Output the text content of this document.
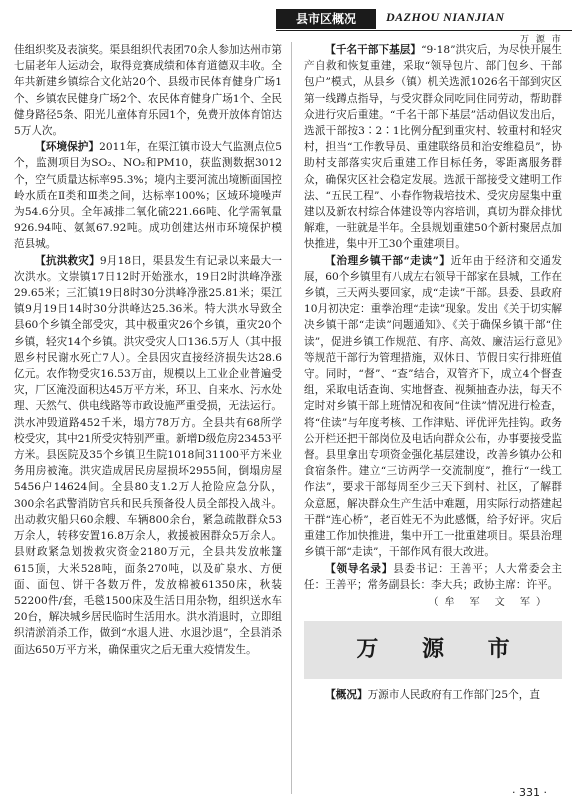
县市区概况	DAZHOU NIANJIAN
万 源 市

佳组织奖及表演奖。渠县组织代表团70余人参加达州市第七届老年人运动会，取得竞赛成绩和体育道德双丰收。全年共新建乡镇综合文化站20个、县级市民体育健身广场1个、乡镇农民健身广场2个、农民体育健身广场1个、全民健身路径5条、阳光儿童体育乐园1个，免费开放体育馆达5万人次。

【环境保护】2011年，在渠江镇市设大气监测点位5个，监测项目为SO₂、NO₂和PM10，获监测数据3012个，空气质量达标率95.3%；境内主要河流出境断面国控岭水质在Ⅱ类和Ⅲ类之间，达标率100%；区域环境噪声为54.6分贝。全年减排二氧化硫221.66吨、化学需氧量926.94吨、氨氮67.92吨。成功创建达州市环境保护模范县城。

【抗洪救灾】9月18日，渠县发生有记录以来最大一次洪水。文崇镇17日12时开始涨水，19日2时洪峰净涨29.65米；三汇镇19日8时30分洪峰净涨25.81米；渠江镇9月19日14时30分洪峰达25.36米。特大洪水导致全县60个乡镇全部受灾，其中极重灾26个乡镇，重灾20个乡镇，轻灾14个乡镇。洪灾受灾人口136.5万人（其中报恩乡村民谢水死亡7人）。全县因灾直接经济损失达28.6亿元。农作物受灾16.53万亩，规模以上工业企业普遍受灾，厂区淹没面积达45万平方米，环卫、自来水、污水处理、天然气、供电线路等市政设施严重受损，无法运行。洪水冲毁道路452千米，塌方78万方。全县共有68所学校受灾，其中21所受灾特别严重。新增D级危房23453平方米。县医院及35个乡镇卫生院1018间31100平方米业务用房被淹。洪灾造成居民房屋损坏2955间，倒塌房屋5456户14624间。全县80支1.2万人抢险应急分队，300余名武警消防官兵和民兵预备役人员全部投入战斗。出动救灾船只60余艘、车辆800余台，紧急疏散群众53万余人，转移安置16.8万余人，救援被困群众5万余人。县财政紧急划拨救灾资金2180万元，全县共发放帐篷615顶，大米528吨，面条270吨，以及矿泉水、方便面、面包、饼干各数万件，发放棉被61350床，秋装52200件/套，毛毯1500床及生活日用杂物，组织送水车20台，解决城乡居民临时生活用水。洪水消退时，立即组织清淤消杀工作，做到“水退人进、水退沙退”，全县消杀面达650万平方米，确保重灾之后无重大疫情发生。

【千名干部下基层】“9·18”洪灾后，为尽快开展生产自救和恢复重建，采取“领导包片、部门包乡、干部包户”模式，从县乡（镇）机关选派1026名干部到灾区第一线蹲点指导，与受灾群众同吃同住同劳动，帮助群众进行灾后重建。“千名干部下基层”活动倡议发出后，选派干部按3∶2∶1比例分配到重灾村、较重村和轻灾村，担当“工作教导员、重建联络员和治安维稳员”，协助村支部落实灾后重建工作目标任务，零距离服务群众，确保灾区社会稳定发展。选派干部接受文建明工作法、“五民工程”、小春作物栽培技术、受灾房屋集中重建以及新农村综合体建设等内容培训，真切为群众排忧解难，一驻就是半年。全县规划重建50个新村聚居点加快推进，集中开工30个重建项目。

【治理乡镇干部“走读”】近年由于经济和交通发展，60个乡镇里有八成左右领导干部家在县城，工作在乡镇，三天两头要回家，成“走读”干部。县委、县政府10月初决定：重拳治理“走读”现象。发出《关于切实解决乡镇干部“走读”问题通知》、《关于确保乡镇干部“住读”，促进乡镇工作规范、有序、高效、廉洁运行意见》等规范干部行为管理措施，双休日、节假日实行排班值守。同时，“督”、“查”结合，双管齐下，成立4个督查组，采取电话查询、实地督查、视频抽查办法，每天不定时对乡镇干部上班情况和夜间“住读”情况进行检查，将“住读”与年度考核、工作津贴、评优评先挂钩。政务公开栏还把干部岗位及电话向群众公布，办事要接受监督。县里拿出专项资金强化基层建设，改善乡镇办公和食宿条件。建立“三访两学一交流制度”，推行“一线工作法”，要求干部每周至少三天下到村、社区，了解群众意愿，解决群众生产生活中难题，用实际行动搭建起干群“连心桥”，老百姓无不为此感慨，给予好评。灾后重建工作加快推进，集中开工一批重建项目。渠县治理乡镇干部“走读”，干部作风有很大改进。

【领导名录】县委书记：王善平；人大常委会主任：王善平；常务副县长：李大兵；政协主席：许平。

（牟 军 文 军）
万 源 市

【概况】万源市人民政府有工作部门25个，直

· 331 ·
